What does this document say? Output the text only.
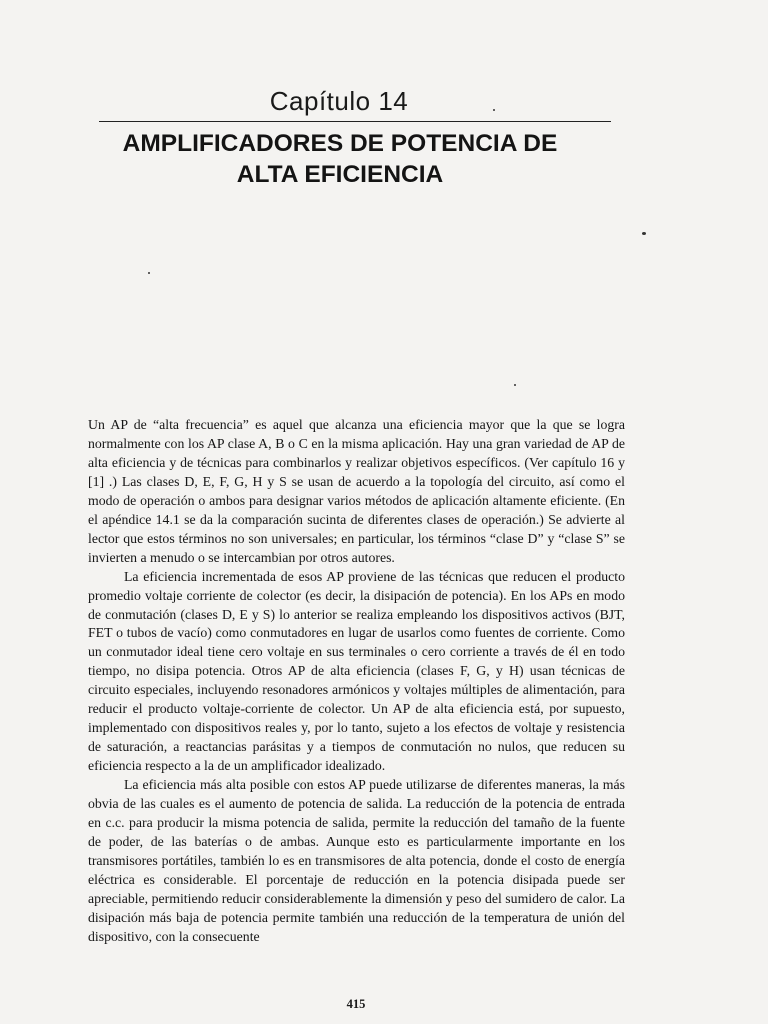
Capítulo 14
AMPLIFICADORES DE POTENCIA DE
ALTA EFICIENCIA

Un AP de “alta frecuencia” es aquel que alcanza una eficiencia mayor que la que se logra normalmente con los AP clase A, B o C en la misma aplicación. Hay una gran variedad de AP de alta eficiencia y de técnicas para combinarlos y realizar objetivos específicos. (Ver capítulo 16 y [1] .) Las clases D, E, F, G, H y S se usan de acuerdo a la topología del circuito, así como el modo de operación o ambos para designar varios métodos de aplicación altamente eficiente. (En el apéndice 14.1 se da la comparación sucinta de diferentes clases de operación.) Se advierte al lector que estos términos no son universales; en particular, los términos “clase D” y “clase S” se invierten a menudo o se intercambian por otros autores.

La eficiencia incrementada de esos AP proviene de las técnicas que reducen el producto promedio voltaje corriente de colector (es decir, la disipación de potencia). En los APs en modo de conmutación (clases D, E y S) lo anterior se realiza empleando los dispositivos activos (BJT, FET o tubos de vacío) como conmutadores en lugar de usarlos como fuentes de corriente. Como un conmutador ideal tiene cero voltaje en sus terminales o cero corriente a través de él en todo tiempo, no disipa potencia. Otros AP de alta eficiencia (clases F, G, y H) usan técnicas de circuito especiales, incluyendo resonadores armónicos y voltajes múltiples de alimentación, para reducir el producto voltaje-corriente de colector. Un AP de alta eficiencia está, por supuesto, implementado con dispositivos reales y, por lo tanto, sujeto a los efectos de voltaje y resistencia de saturación, a reactancias parásitas y a tiempos de conmutación no nulos, que reducen su eficiencia respecto a la de un amplificador idealizado.

La eficiencia más alta posible con estos AP puede utilizarse de diferentes maneras, la más obvia de las cuales es el aumento de potencia de salida. La reducción de la potencia de entrada en c.c. para producir la misma potencia de salida, permite la reducción del tamaño de la fuente de poder, de las baterías o de ambas. Aunque esto es particularmente importante en los transmisores portátiles, también lo es en transmisores de alta potencia, donde el costo de energía eléctrica es considerable. El porcentaje de reducción en la potencia disipada puede ser apreciable, permitiendo reducir considerablemente la dimensión y peso del sumidero de calor. La disipación más baja de potencia permite también una reducción de la temperatura de unión del dispositivo, con la consecuente

415
